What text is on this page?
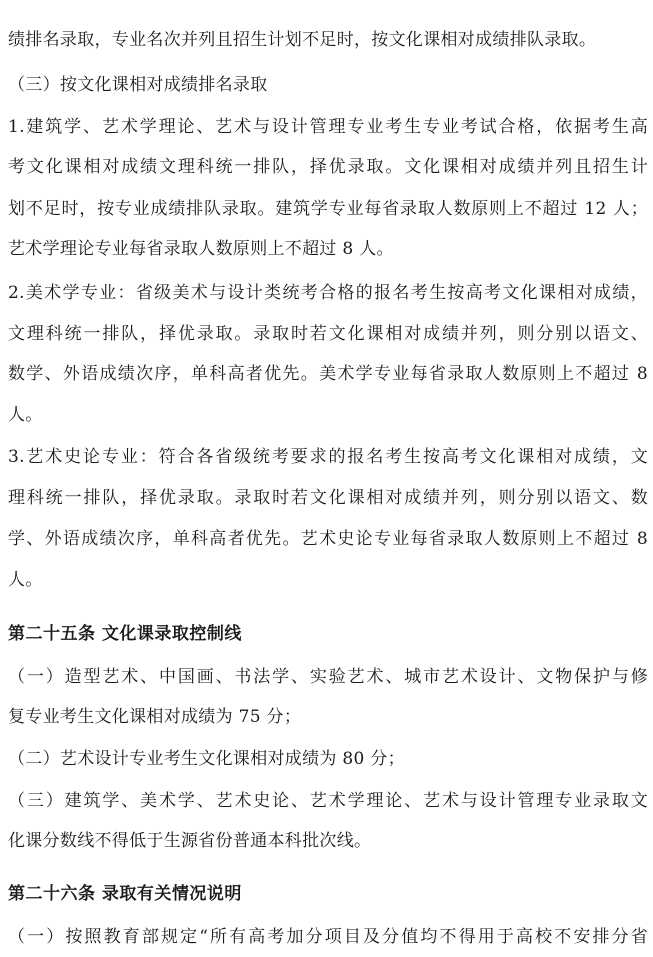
绩排名录取，专业名次并列且招生计划不足时，按文化课相对成绩排队录取。
（三）按文化课相对成绩排名录取
1.建筑学、艺术学理论、艺术与设计管理专业考生专业考试合格，依据考生高
考文化课相对成绩文理科统一排队，择优录取。文化课相对成绩并列且招生计
划不足时，按专业成绩排队录取。建筑学专业每省录取人数原则上不超过 12 人；
艺术学理论专业每省录取人数原则上不超过 8 人。
2.美术学专业：省级美术与设计类统考合格的报名考生按高考文化课相对成绩，
文理科统一排队，择优录取。录取时若文化课相对成绩并列，则分别以语文、
数学、外语成绩次序，单科高者优先。美术学专业每省录取人数原则上不超过 8
人。
3.艺术史论专业：符合各省级统考要求的报名考生按高考文化课相对成绩，文
理科统一排队，择优录取。录取时若文化课相对成绩并列，则分别以语文、数
学、外语成绩次序，单科高者优先。艺术史论专业每省录取人数原则上不超过 8
人。
第二十五条 文化课录取控制线
（一）造型艺术、中国画、书法学、实验艺术、城市艺术设计、文物保护与修
复专业考生文化课相对成绩为 75 分；
（二）艺术设计专业考生文化课相对成绩为 80 分；
（三）建筑学、美术学、艺术史论、艺术学理论、艺术与设计管理专业录取文
化课分数线不得低于生源省份普通本科批次线。
第二十六条 录取有关情况说明
（一）按照教育部规定“所有高考加分项目及分值均不得用于高校不安排分省
